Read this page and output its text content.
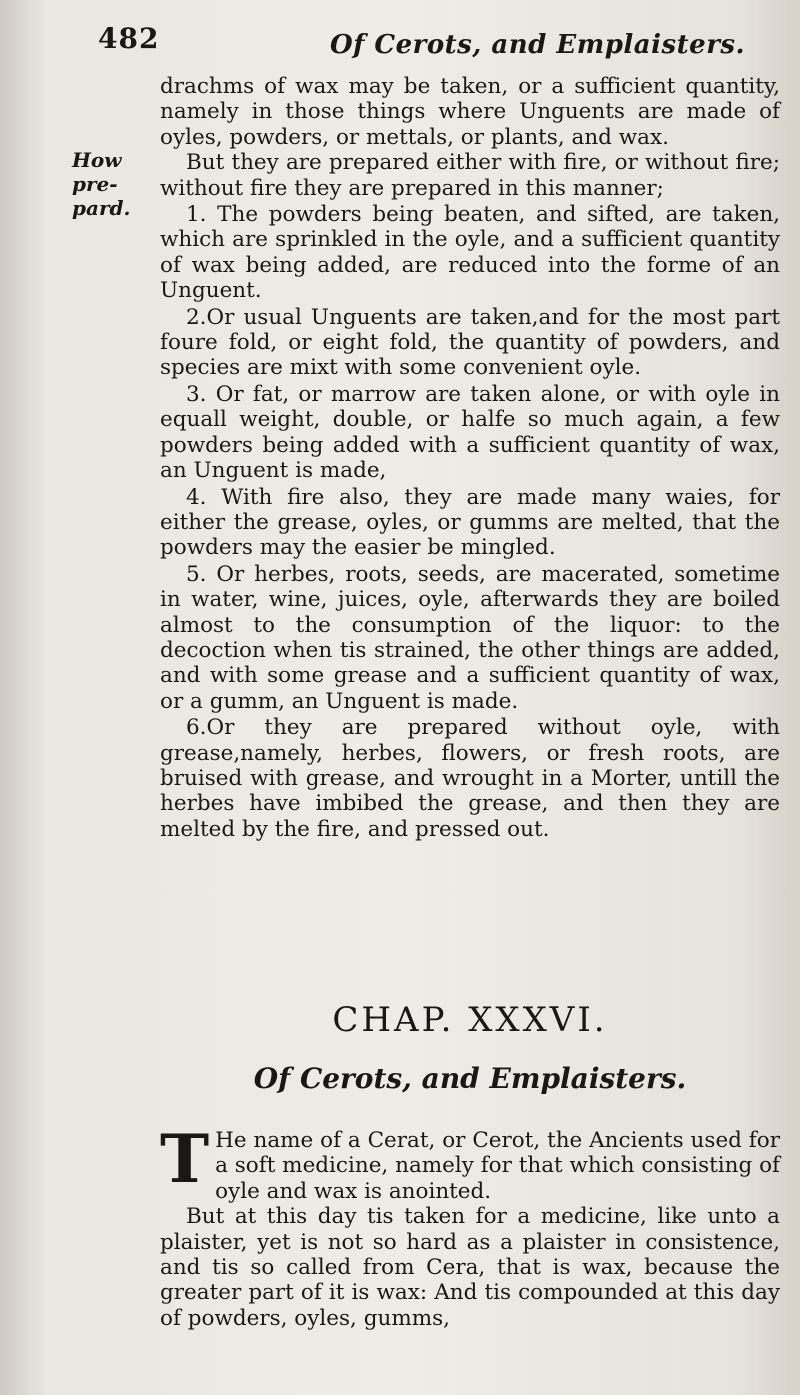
482	Of Cerots, and Emplaisters.
How pre-pard.

drachms of wax may be taken, or a sufficient quantity, namely in those things where Unguents are made of oyles, powders, or mettals, or plants, and wax.

But they are prepared either with fire, or without fire; without fire they are prepared in this manner;

1. The powders being beaten, and sifted, are taken, which are sprinkled in the oyle, and a sufficient quantity of wax being added, are reduced into the forme of an Unguent.

2.Or usual Unguents are taken,and for the most part foure fold, or eight fold, the quantity of powders, and species are mixt with some convenient oyle.

3. Or fat, or marrow are taken alone, or with oyle in equall weight, double, or halfe so much again, a few powders being added with a sufficient quantity of wax, an Unguent is made,

4. With fire also, they are made many waies, for either the grease, oyles, or gumms are melted, that the powders may the easier be mingled.

5. Or herbes, roots, seeds, are macerated, sometime in water, wine, juices, oyle, afterwards they are boiled almost to the consumption of the liquor: to the decoction when tis strained, the other things are added, and with some grease and a sufficient quantity of wax, or a gumm, an Unguent is made.

6.Or they are prepared without oyle, with grease,namely, herbes, flowers, or fresh roots, are bruised with grease, and wrought in a Morter, untill the herbes have imbibed the grease, and then they are melted by the fire, and pressed out.

CHAP. XXXVI.
Of Cerots, and Emplaisters.

T He name of a Cerat, or Cerot, the Ancients used for a soft medicine, namely for that which consisting of oyle and wax is anointed.

But at this day tis taken for a medicine, like unto a plaister, yet is not so hard as a plaister in consistence, and tis so called from Cera, that is wax, because the greater part of it is wax: And tis compounded at this day of powders, oyles, gumms,
